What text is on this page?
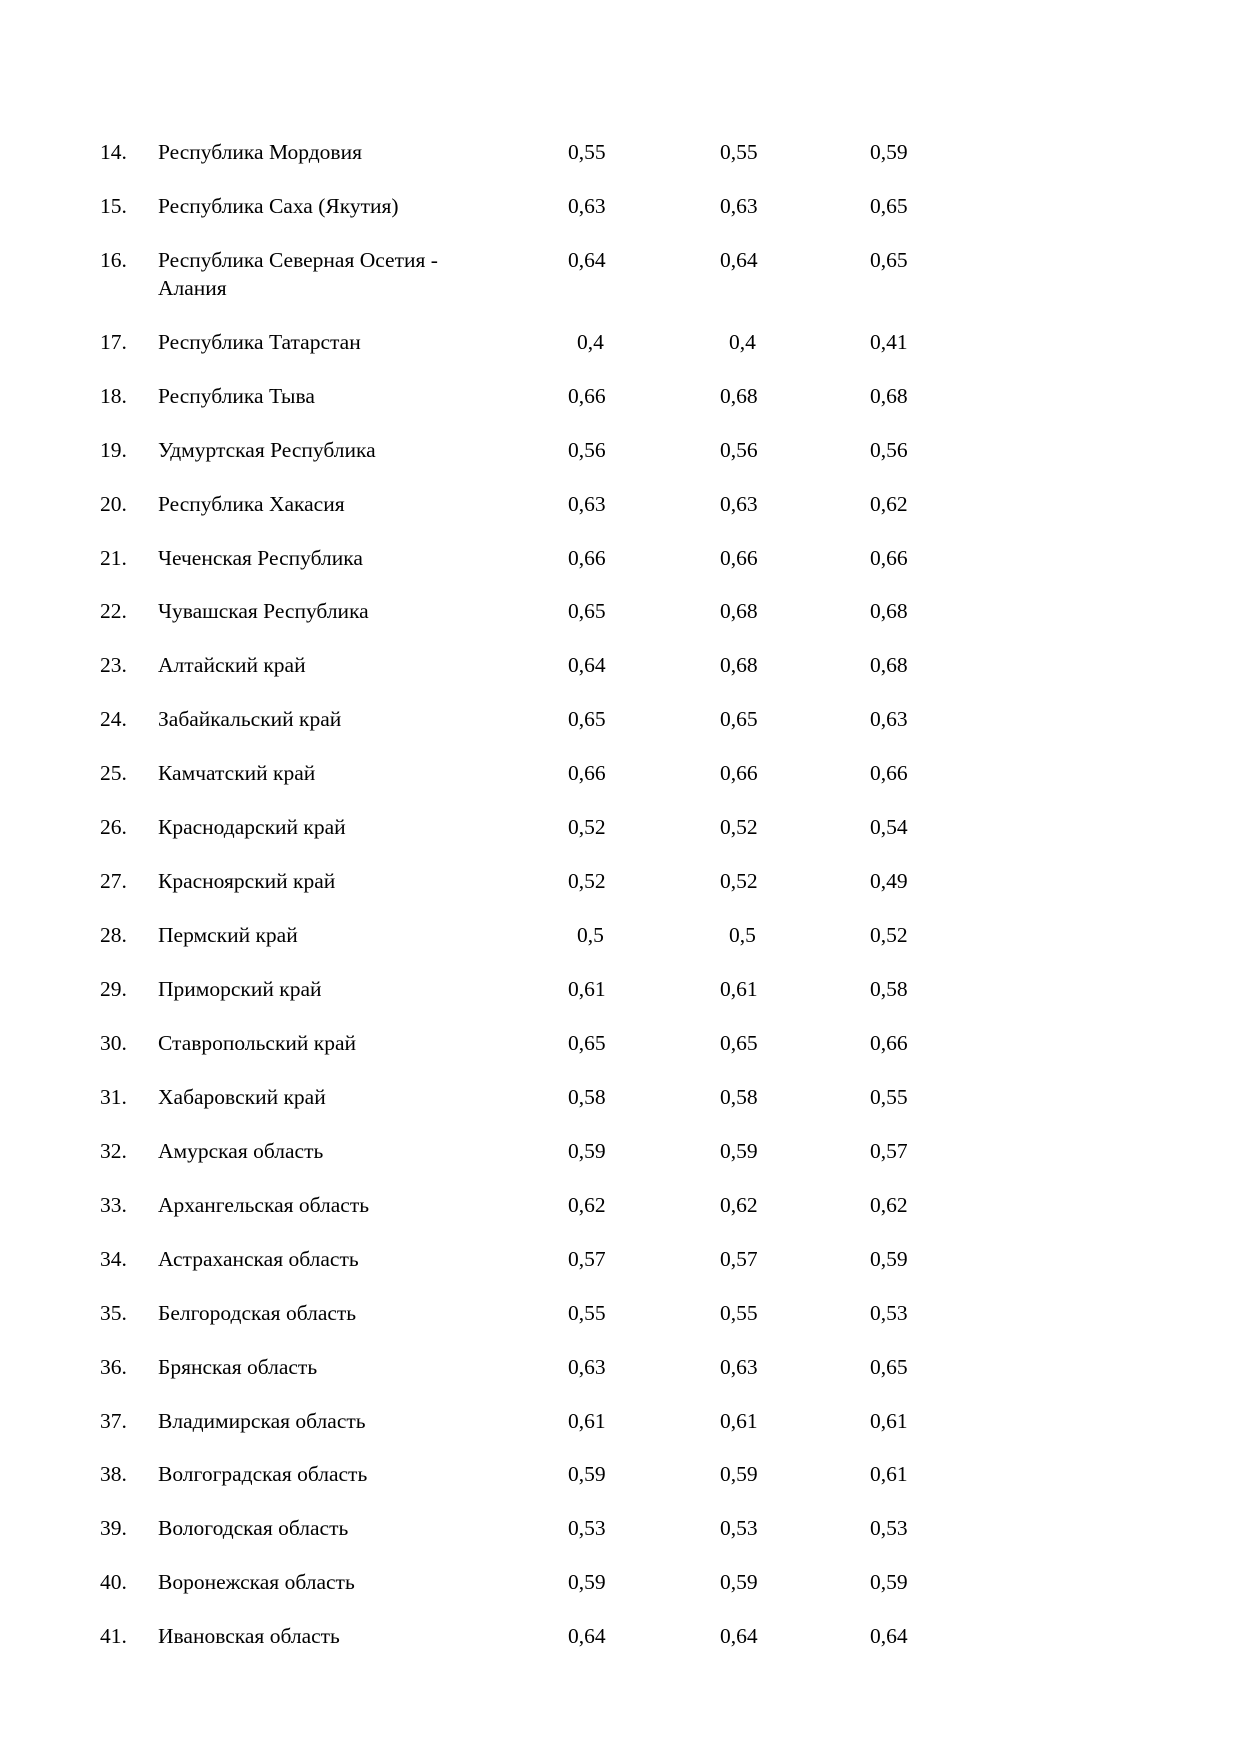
14.	Республика Мордовия	0,55	0,55	0,59
15.	Республика Саха (Якутия)	0,63	0,63	0,65
16.	Республика Северная Осетия -
Алания	0,64	0,64	0,65
17.	Республика Татарстан	0,4	0,4	0,41
18.	Республика Тыва	0,66	0,68	0,68
19.	Удмуртская Республика	0,56	0,56	0,56
20.	Республика Хакасия	0,63	0,63	0,62
21.	Чеченская Республика	0,66	0,66	0,66
22.	Чувашская Республика	0,65	0,68	0,68
23.	Алтайский край	0,64	0,68	0,68
24.	Забайкальский край	0,65	0,65	0,63
25.	Камчатский край	0,66	0,66	0,66
26.	Краснодарский край	0,52	0,52	0,54
27.	Красноярский край	0,52	0,52	0,49
28.	Пермский край	0,5	0,5	0,52
29.	Приморский край	0,61	0,61	0,58
30.	Ставропольский край	0,65	0,65	0,66
31.	Хабаровский край	0,58	0,58	0,55
32.	Амурская область	0,59	0,59	0,57
33.	Архангельская область	0,62	0,62	0,62
34.	Астраханская область	0,57	0,57	0,59
35.	Белгородская область	0,55	0,55	0,53
36.	Брянская область	0,63	0,63	0,65
37.	Владимирская область	0,61	0,61	0,61
38.	Волгоградская область	0,59	0,59	0,61
39.	Вологодская область	0,53	0,53	0,53
40.	Воронежская область	0,59	0,59	0,59
41.	Ивановская область	0,64	0,64	0,64
